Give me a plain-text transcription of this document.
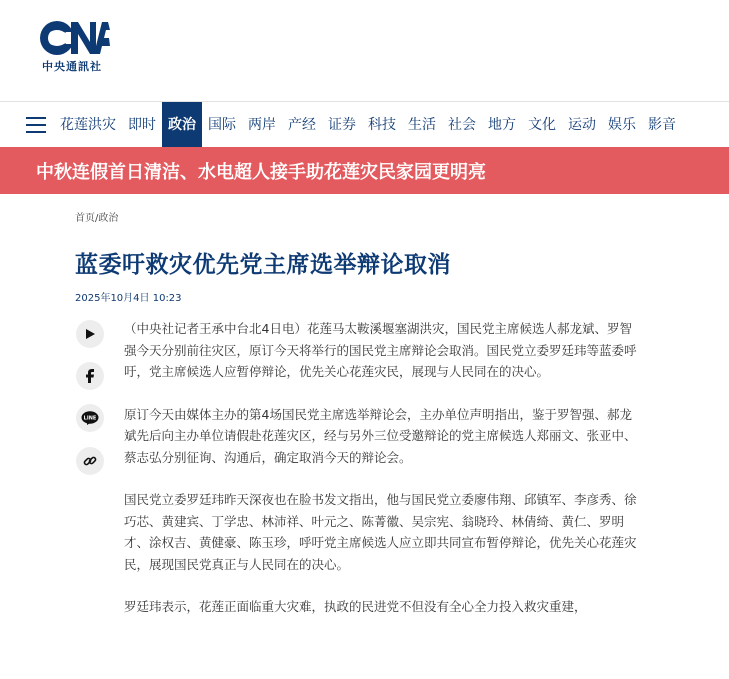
中央通訊社
花莲洪灾 即时 政治 国际 两岸 产经 证券 科技 生活 社会 地方 文化 运动 娱乐 影音
中秋连假首日清洁、水电超人接手助花莲灾民家园更明亮
首页/政治
蓝委吁救灾优先党主席选举辩论取消
2025年10月4日 10:23
LINE

（中央社记者王承中台北4日电）花莲马太鞍溪堰塞湖洪灾，国民党主席候选人郝龙斌、罗智强今天分别前往灾区，原订今天将举行的国民党主席辩论会取消。国民党立委罗廷玮等蓝委呼吁，党主席候选人应暂停辩论，优先关心花莲灾民，展现与人民同在的决心。

原订今天由媒体主办的第4场国民党主席选举辩论会，主办单位声明指出，鉴于罗智强、郝龙斌先后向主办单位请假赴花莲灾区，经与另外三位受邀辩论的党主席候选人郑丽文、张亚中、蔡志弘分别征询、沟通后，确定取消今天的辩论会。

国民党立委罗廷玮昨天深夜也在脸书发文指出，他与国民党立委廖伟翔、邱镇军、李彦秀、徐巧芯、黄建宾、丁学忠、林沛祥、叶元之、陈菁徽、吴宗宪、翁晓玲、林倩绮、黄仁、罗明才、涂权吉、黄健豪、陈玉珍，呼吁党主席候选人应立即共同宣布暂停辩论，优先关心花莲灾民，展现国民党真正与人民同在的决心。

罗廷玮表示，花莲正面临重大灾难，执政的民进党不但没有全心全力投入救灾重建，
